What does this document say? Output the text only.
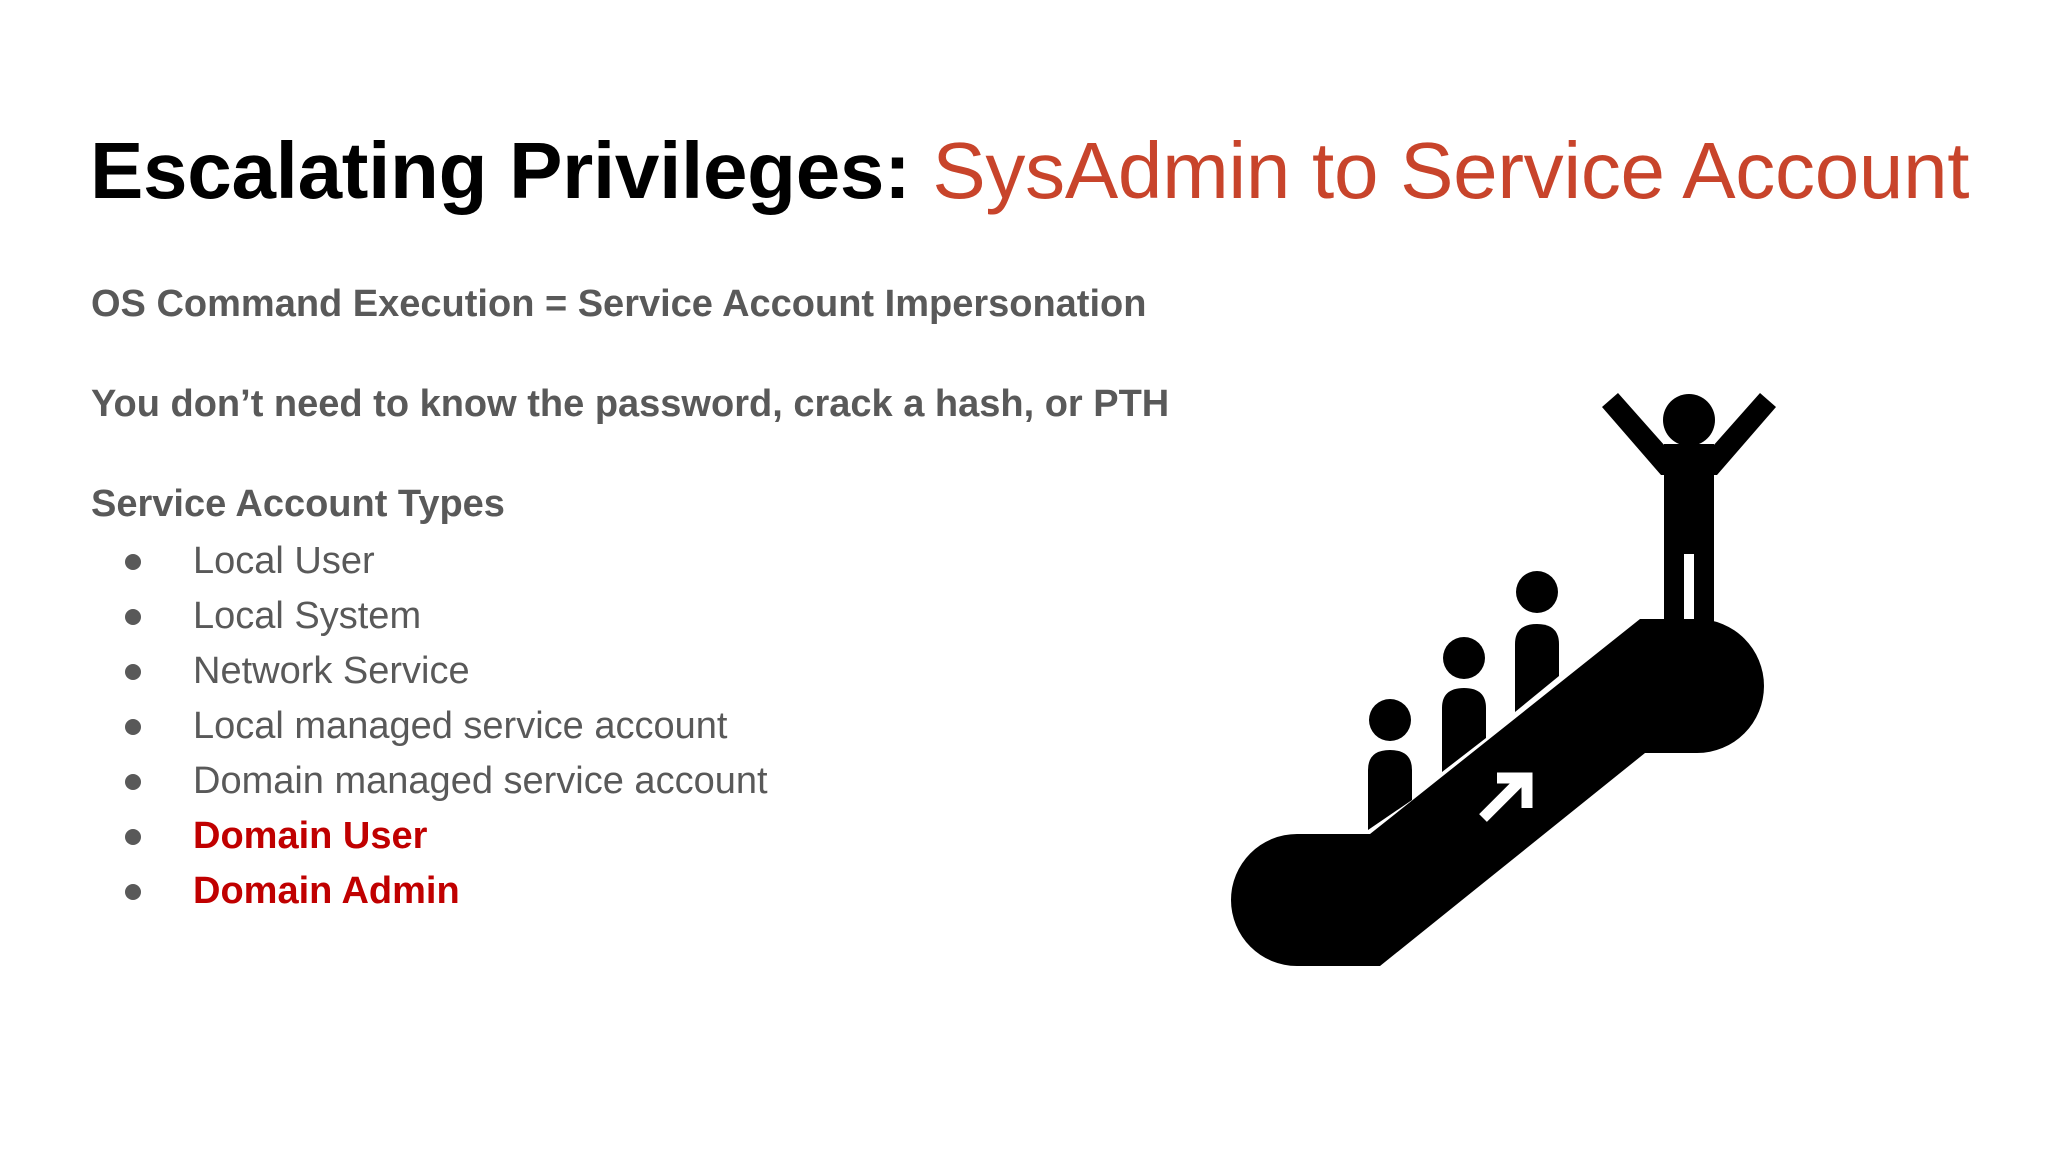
Escalating Privileges: SysAdmin to Service Account
OS Command Execution = Service Account Impersonation
You don’t need to know the password, crack a hash, or PTH
Service Account Types
Local User
Local System
Network Service
Local managed service account
Domain managed service account
Domain User
Domain Admin
